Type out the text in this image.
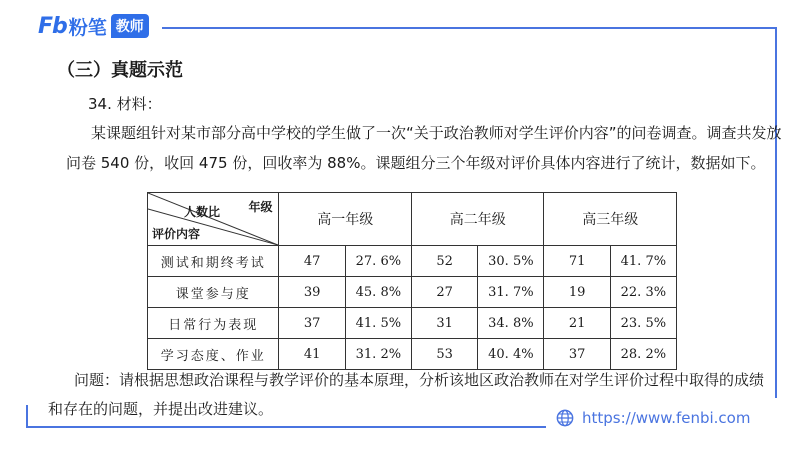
Fb 粉笔 教师
（三）真题示范
34. 材料：
某课题组针对某市部分高中学校的学生做了一次“关于政治教师对学生评价内容”的问卷调查。调查共发放问卷 540 份，收回 475 份，回收率为 88%。课题组分三个年级对评价具体内容进行了统计，数据如下。
人数比 年级
评价内容	高一年级		高二年级		高三年级	
测试和期终考试	47	27. 6%	52	30. 5%	71	41. 7%
课堂参与度	39	45. 8%	27	31. 7%	19	22. 3%
日常行为表现	37	41. 5%	31	34. 8%	21	23. 5%
学习态度、作业	41	31. 2%	53	40. 4%	37	28. 2%
问题：请根据思想政治课程与教学评价的基本原理，分析该地区政治教师在对学生评价过程中取得的成绩和存在的问题，并提出改进建议。	https://www.fenbi.com
